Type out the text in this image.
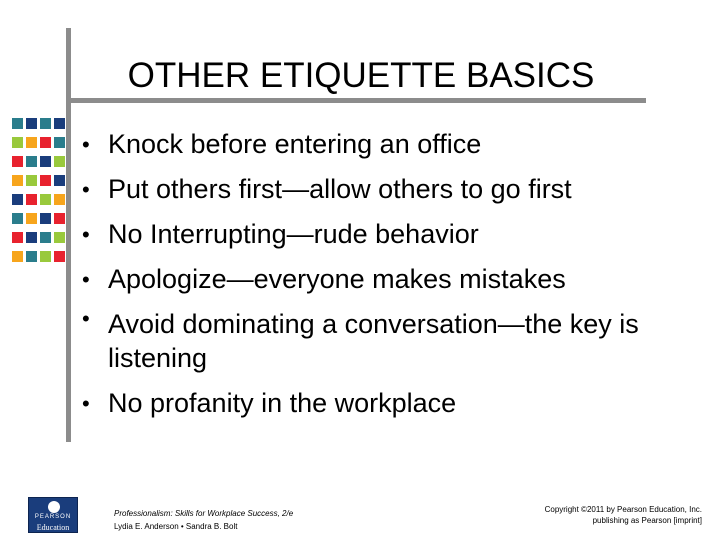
OTHER ETIQUETTE BASICS
• Knock before entering an office
• Put others first—allow others to go first
• No Interrupting—rude behavior
• Apologize—everyone makes mistakes
• Avoid dominating a conversation—the key is listening
• No profanity in the workplace
PEARSON
Education
Professionalism: Skills for Workplace Success, 2/e
Lydia E. Anderson • Sandra B. Bolt
Copyright ©2011 by Pearson Education, Inc.
publishing as Pearson [imprint]
